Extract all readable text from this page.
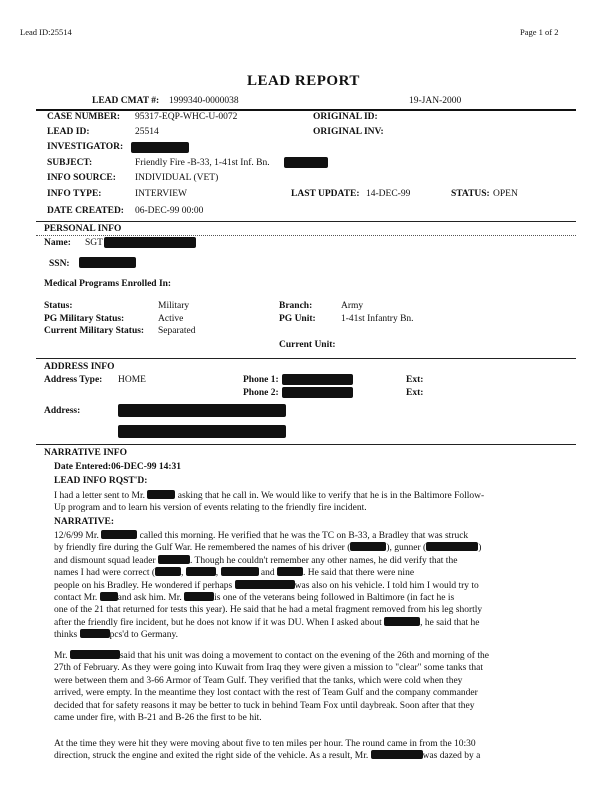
Lead ID:25514	Page 1 of 2
LEAD REPORT
LEAD CMAT #: 1999340-0000038	19-JAN-2000
CASE NUMBER: 95317-EQP-WHC-U-0072	ORIGINAL ID:
LEAD ID:	25514	ORIGINAL INV:
INVESTIGATOR:
SUBJECT:	Friendly Fire -B-33, 1-41st Inf. Bn.
INFO SOURCE: INDIVIDUAL (VET)
INFO TYPE:	INTERVIEW	LAST UPDATE: 14-DEC-99	STATUS: OPEN
DATE CREATED: 06-DEC-99 00:00
PERSONAL INFO
Name: SGT
SSN:
Medical Programs Enrolled In:
Status:	Military	Branch:	Army
PG Military Status:	Active	PG Unit:	1-41st Infantry Bn.
Current Military Status: Separated
Current Unit:
ADDRESS INFO
Address Type: HOME	Phone 1:	Ext:
Phone 2:	Ext:
Address:
NARRATIVE INFO
Date Entered:06-DEC-99 14:31
LEAD INFO RQST'D:
I had a letter sent to Mr.	asking that he call in. We would like to verify that he is in the Baltimore Follow-
Up program and to learn his version of events relating to the friendly fire incident.
NARRATIVE:
12/6/99 Mr.	called this morning. He verified that he was the TC on B-33, a Bradley that was struck
by friendly fire during the Gulf War. He remembered the names of his driver (	), gunner (	)
and dismount squad leader	. Though he couldn't remember any other names, he did verify that the
names I had were correct (	,	,	and	. He said that there were nine
people on his Bradley. He wondered if perhaps	was also on his vehicle. I told him I would try to
contact Mr. and ask him. Mr.	is one of the veterans being followed in Baltimore (in fact he is
one of the 21 that returned for tests this year). He said that he had a metal fragment removed from his leg shortly
after the friendly fire incident, but he does not know if it was DU. When I asked about	, he said that he
thinks	pcs'd to Germany.
Mr.	said that his unit was doing a movement to contact on the evening of the 26th and morning of the
27th of February. As they were going into Kuwait from Iraq they were given a mission to "clear" some tanks that
were between them and 3-66 Armor of Team Gulf. They verified that the tanks, which were cold when they
arrived, were empty. In the meantime they lost contact with the rest of Team Gulf and the company commander
decided that for safety reasons it may be better to tuck in behind Team Fox until daybreak. Soon after that they
came under fire, with B-21 and B-26 the first to be hit.
At the time they were hit they were moving about five to ten miles per hour. The round came in from the 10:30
direction, struck the engine and exited the right side of the vehicle. As a result, Mr.	was dazed by a
